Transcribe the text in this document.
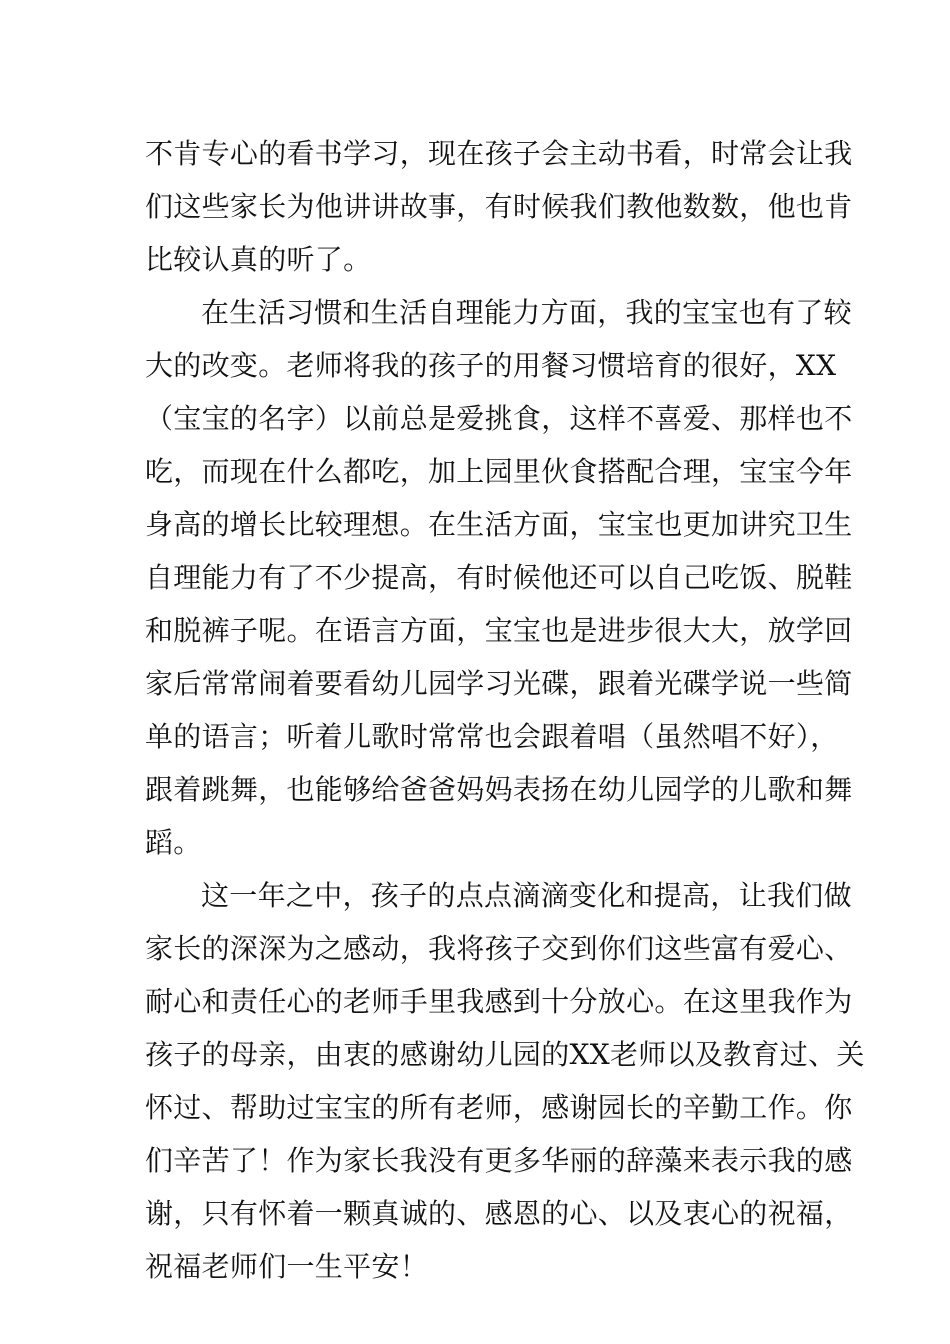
不肯专心的看书学习，现在孩子会主动书看，时常会让我
们这些家长为他讲讲故事，有时候我们教他数数，他也肯
比较认真的听了。
在生活习惯和生活自理能力方面，我的宝宝也有了较
大的改变。老师将我的孩子的用餐习惯培育的很好，XX
（宝宝的名字）以前总是爱挑食，这样不喜爱、那样也不
吃，而现在什么都吃，加上园里伙食搭配合理，宝宝今年
身高的增长比较理想。在生活方面，宝宝也更加讲究卫生
自理能力有了不少提高，有时候他还可以自己吃饭、脱鞋
和脱裤子呢。在语言方面，宝宝也是进步很大大，放学回
家后常常闹着要看幼儿园学习光碟，跟着光碟学说一些简
单的语言；听着儿歌时常常也会跟着唱（虽然唱不好），
跟着跳舞，也能够给爸爸妈妈表扬在幼儿园学的儿歌和舞
蹈。
这一年之中，孩子的点点滴滴变化和提高，让我们做
家长的深深为之感动，我将孩子交到你们这些富有爱心、
耐心和责任心的老师手里我感到十分放心。在这里我作为
孩子的母亲，由衷的感谢幼儿园的XX老师以及教育过、关
怀过、帮助过宝宝的所有老师，感谢园长的辛勤工作。你
们辛苦了！作为家长我没有更多华丽的辞藻来表示我的感
谢，只有怀着一颗真诚的、感恩的心、以及衷心的祝福，
祝福老师们一生平安！
